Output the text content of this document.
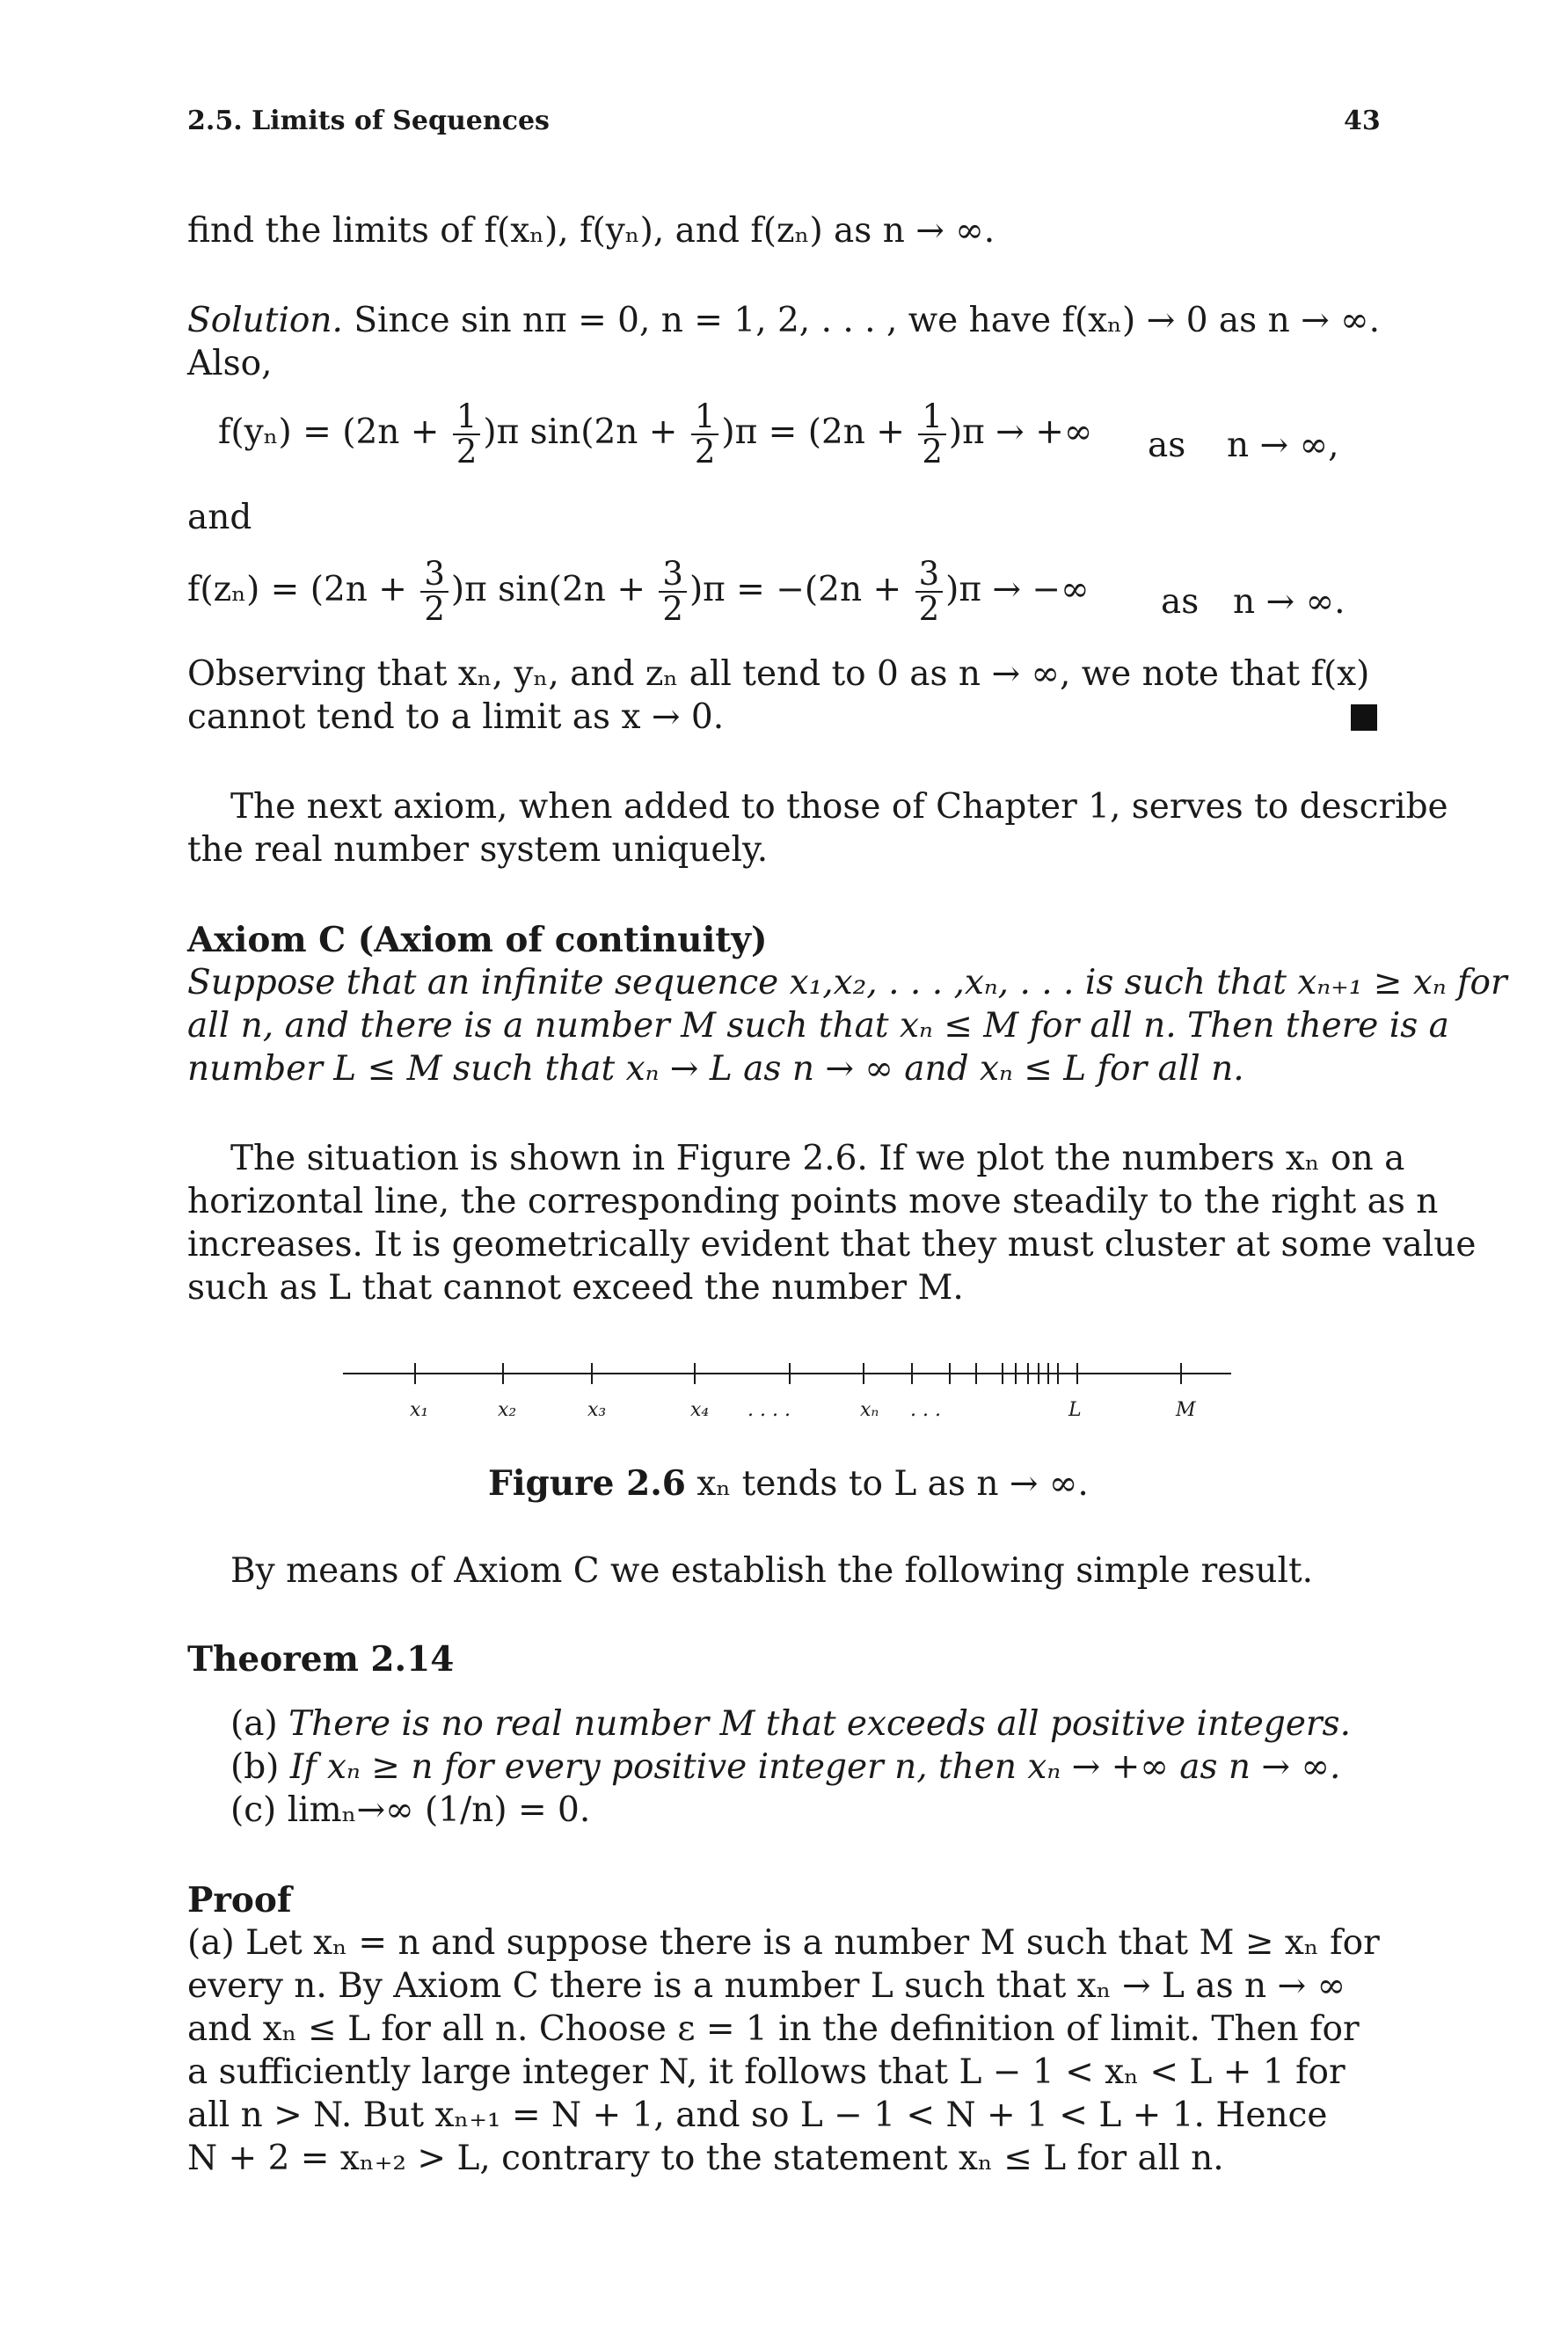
2.5. Limits of Sequences	43
find the limits of f(xₙ), f(yₙ), and f(zₙ) as n → ∞.
Solution. Since sin nπ = 0, n = 1, 2, . . . , we have f(xₙ) → 0 as n → ∞.
Also,
$f(y_n) = (2n + \frac{1}{2} )\pi$ $\sin(2n + \frac{1}{2} )\pi = (2n + \frac{1}{2} )\pi$ → +∞ as n → ∞,
and
$f(z_n) = (2n + \frac{3}{2} )\pi$ $\sin(2n + \frac{3}{2} )\pi = -(2n + \frac{3}{2} )\pi$ → −∞ as n → ∞.
Observing that xₙ, yₙ, and zₙ all tend to 0 as n → ∞, we note that f(x)
cannot tend to a limit as x → 0.
The next axiom, when added to those of Chapter 1, serves to describe
the real number system uniquely.
Axiom C (Axiom of continuity)
Suppose that an infinite sequence x₁,x₂, . . . ,xₙ, . . . is such that xₙ₊₁ ≥ xₙ for
all n, and there is a number M such that xₙ ≤ M for all n. Then there is a
number L ≤ M such that xₙ → L as n → ∞ and xₙ ≤ L for all n.
The situation is shown in Figure 2.6. If we plot the numbers xₙ on a
horizontal line, the corresponding points move steadily to the right as n
increases. It is geometrically evident that they must cluster at some value
such as L that cannot exceed the number M.
x₁	x₂	x₃	x₄ . . . .	xₙ . . .	L	M
Figure 2.6 xₙ tends to L as n → ∞.
By means of Axiom C we establish the following simple result.
Theorem 2.14
(a) There is no real number M that exceeds all positive integers.
(b) If xₙ ≥ n for every positive integer n, then xₙ → +∞ as n → ∞.
(c) limₙ→∞ (1/n) = 0.
Proof
(a) Let xₙ = n and suppose there is a number M such that M ≥ xₙ for
every n. By Axiom C there is a number L such that xₙ → L as n → ∞
and xₙ ≤ L for all n. Choose ε = 1 in the definition of limit. Then for
a sufficiently large integer N, it follows that L − 1 < xₙ < L + 1 for
all n > N. But xₙ₊₁ = N + 1, and so L − 1 < N + 1 < L + 1. Hence
N + 2 = xₙ₊₂ > L, contrary to the statement xₙ ≤ L for all n.
